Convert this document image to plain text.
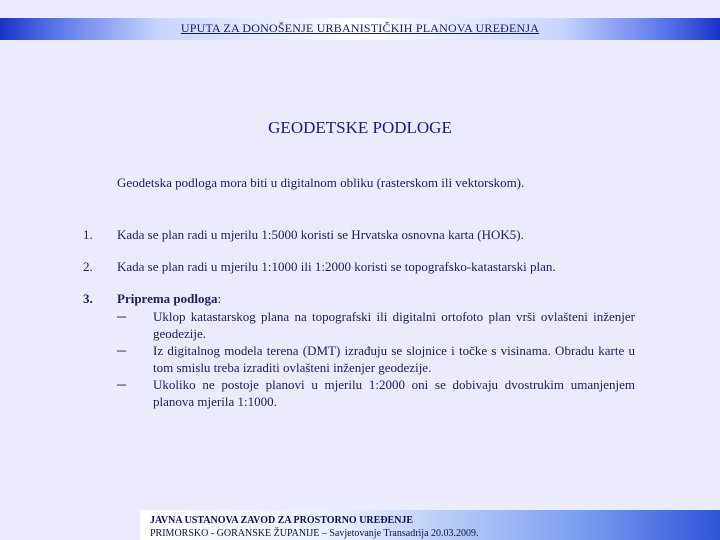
UPUTA ZA DONOŠENJE URBANISTIČKIH PLANOVA UREĐENJA
GEODETSKE PODLOGE
Geodetska podloga mora biti u digitalnom obliku (rasterskom ili vektorskom).
1. Kada se plan radi u mjerilu 1:5000 koristi se Hrvatska osnovna karta (HOK5).
2. Kada se plan radi u mjerilu 1:1000 ili 1:2000 koristi se topografsko-katastarski plan.
3. Priprema podloga:
─ Uklop katastarskog plana na topografski ili digitalni ortofoto plan vrši ovlašteni inženjer geodezije.
─ Iz digitalnog modela terena (DMT) izrađuju se slojnice i točke s visinama. Obradu karte u tom smislu treba izraditi ovlašteni inženjer geodezije.
─ Ukoliko ne postoje planovi u mjerilu 1:2000 oni se dobivaju dvostrukim umanjenjem planova mjerila 1:1000.
JAVNA USTANOVA ZAVOD ZA PROSTORNO UREĐENJE
PRIMORSKO - GORANSKE ŽUPANIJE – Savjetovanje Transadrija 20.03.2009.
